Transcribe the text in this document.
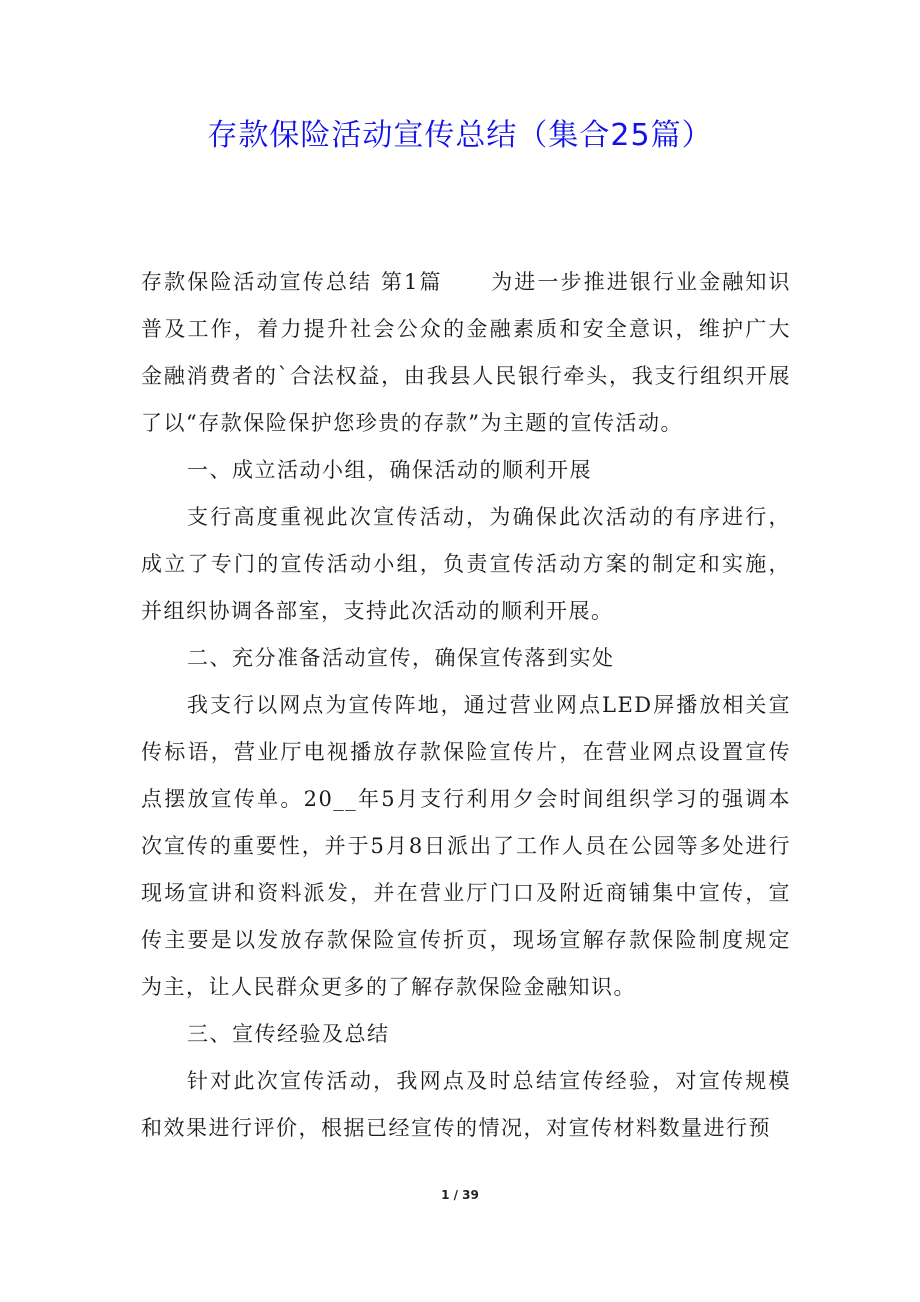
存款保险活动宣传总结（集合25篇）

存款保险活动宣传总结 第1篇 为进一步推进银行业金融知识普及工作，着力提升社会公众的金融素质和安全意识，维护广大金融消费者的`合法权益，由我县人民银行牵头，我支行组织开展了以“存款保险保护您珍贵的存款”为主题的宣传活动。

一、成立活动小组，确保活动的顺利开展

支行高度重视此次宣传活动，为确保此次活动的有序进行，成立了专门的宣传活动小组，负责宣传活动方案的制定和实施，并组织协调各部室，支持此次活动的顺利开展。

二、充分准备活动宣传，确保宣传落到实处

我支行以网点为宣传阵地，通过营业网点LED屏播放相关宣传标语，营业厅电视播放存款保险宣传片，在营业网点设置宣传点摆放宣传单。20__年5月支行利用夕会时间组织学习的强调本次宣传的重要性，并于5月8日派出了工作人员在公园等多处进行现场宣讲和资料派发，并在营业厅门口及附近商铺集中宣传，宣传主要是以发放存款保险宣传折页，现场宣解存款保险制度规定为主，让人民群众更多的了解存款保险金融知识。

三、宣传经验及总结

针对此次宣传活动，我网点及时总结宣传经验，对宣传规模和效果进行评价，根据已经宣传的情况，对宣传材料数量进行预

1 / 39
